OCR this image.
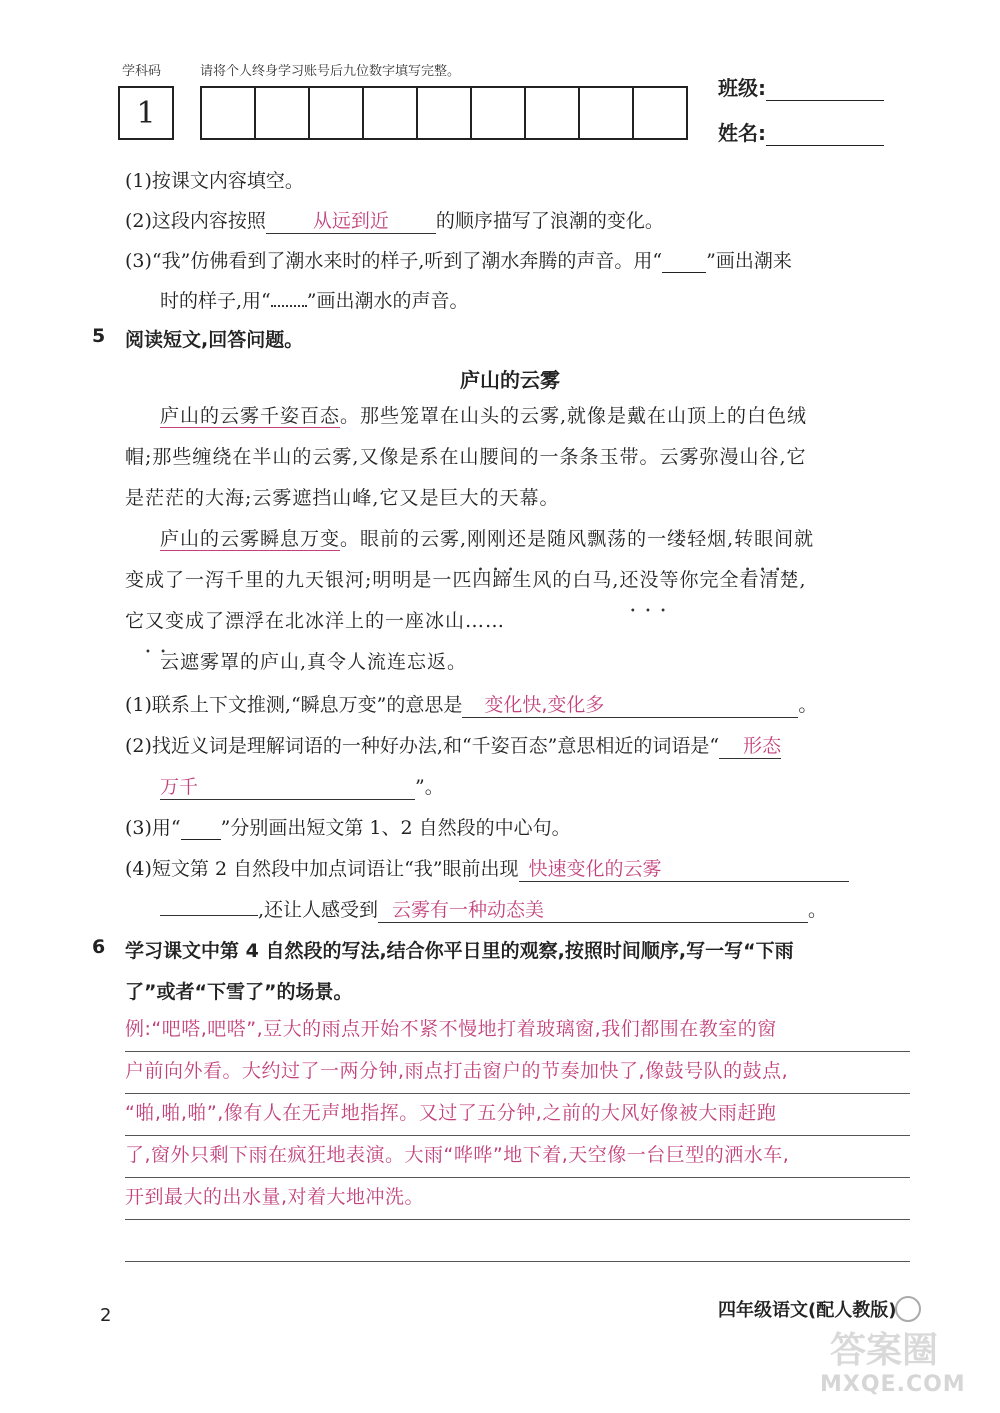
学科码	请将个人终身学习账号后九位数字填写完整。
1
班级:
姓名:
(1)按课文内容填空。
(2)这段内容按照 从远到近 的顺序描写了浪潮的变化。
(3)“我”仿佛看到了潮水来时的样子,听到了潮水奔腾的声音。用“ ”画出潮来
时的样子,用“ ”画出潮水的声音。
5 阅读短文,回答问题。
庐山的云雾
庐山的云雾千姿百态。那些笼罩在山头的云雾,就像是戴在山顶上的白色绒
帽;那些缠绕在半山的云雾,又像是系在山腰间的一条条玉带。云雾弥漫山谷,它
是茫茫的大海;云雾遮挡山峰,它又是巨大的天幕。
庐山的云雾瞬息万变。眼前的云雾,刚刚还 • • •是随风飘荡的一缕轻烟,转眼间 • • •就
变成了一泻千里的九天银河;明明是一匹四蹄生风的白马,还没等 • • •你完全看清楚,
它又 • •变成了漂浮在北冰洋上的一座冰山……
云遮雾罩的庐山,真令人流连忘返。
(1)联系上下文推测,“瞬息万变”的意思是 变化快,变化多	。
(2)找近义词是理解词语的一种好办法,和“千姿百态”意思相近的词语是“ 形态
万千	”。
(3)用“ ”分别画出短文第 1、2 自然段的中心句。
(4)短文第 2 自然段中加点词语让“我”眼前出现 快速变化的云雾
,还让人感受到 云雾有一种动态美	。
6 学习课文中第 4 自然段的写法,结合你平日里的观察,按照时间顺序,写一写“下雨
了”或者“下雪了”的场景。
例:“吧嗒,吧嗒”,豆大的雨点开始不紧不慢地打着玻璃窗,我们都围在教室的窗
户前向外看。大约过了一两分钟,雨点打击窗户的节奏加快了,像鼓号队的鼓点,
“啪,啪,啪”,像有人在无声地指挥。又过了五分钟,之前的大风好像被大雨赶跑
了,窗外只剩下雨在疯狂地表演。大雨“哗哗”地下着,天空像一台巨型的洒水车,
开到最大的出水量,对着大地冲洗。
2	四年级语文(配人教版)
答案圈
MXQE.COM
